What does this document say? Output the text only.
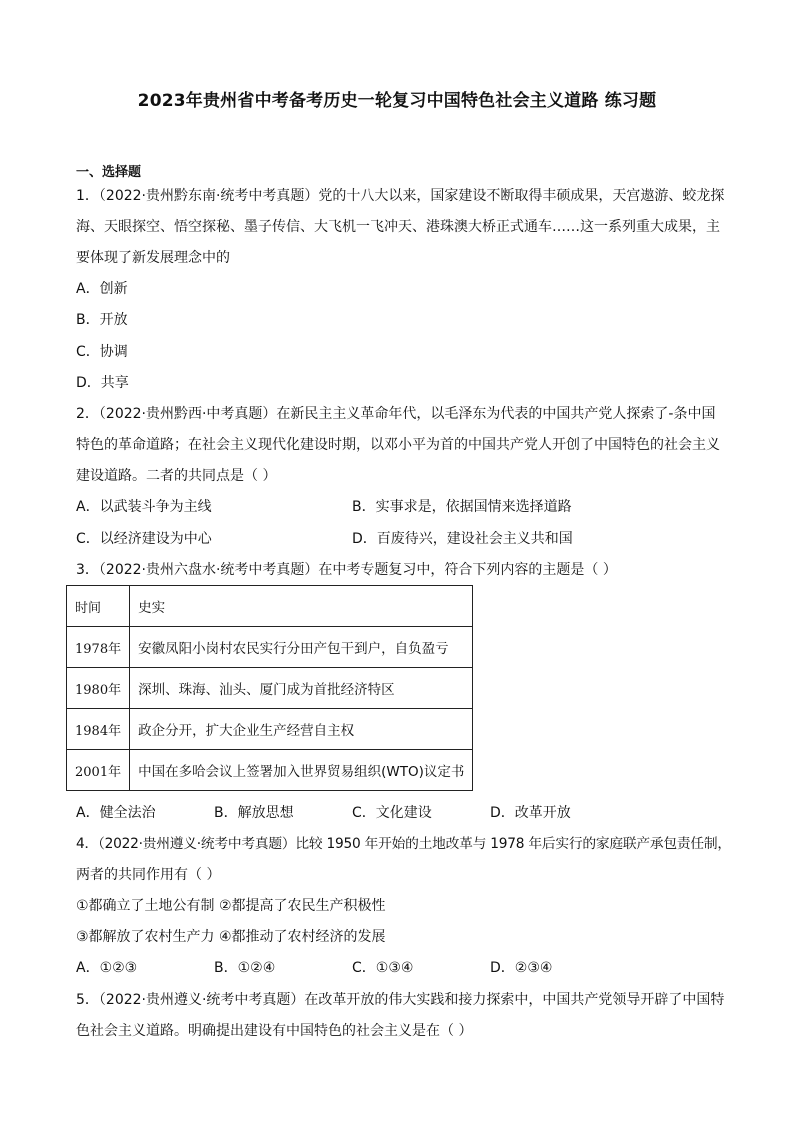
2023年贵州省中考备考历史一轮复习中国特色社会主义道路 练习题
一、选择题
1．（2022·贵州黔东南·统考中考真题）党的十八大以来，国家建设不断取得丰硕成果，天宫遨游、蛟龙探
海、天眼探空、悟空探秘、墨子传信、大飞机一飞冲天、港珠澳大桥正式通车……这一系列重大成果，主
要体现了新发展理念中的
A．创新
B．开放
C．协调
D．共享
2．（2022·贵州黔西·中考真题）在新民主主义革命年代，以毛泽东为代表的中国共产党人探索了-条中国
特色的革命道路；在社会主义现代化建设时期，以邓小平为首的中国共产党人开创了中国特色的社会主义
建设道路。二者的共同点是（ ）
A．以武装斗争为主线	B．实事求是，依据国情来选择道路
C．以经济建设为中心	D．百废待兴，建设社会主义共和国
3．（2022·贵州六盘水·统考中考真题）在中考专题复习中，符合下列内容的主题是（ ）
时间	史实
1978年	安徽凤阳小岗村农民实行分田产包干到户，自负盈亏
1980年	深圳、珠海、汕头、厦门成为首批经济特区
1984年	政企分开，扩大企业生产经营自主权
2001年	中国在多哈会议上签署加入世界贸易组织(WTO)议定书
A．健全法治	B．解放思想	C．文化建设	D．改革开放
4．（2022·贵州遵义·统考中考真题）比较 1950 年开始的土地改革与 1978 年后实行的家庭联产承包责任制，
两者的共同作用有（ ）
①都确立了土地公有制 ②都提高了农民生产积极性
③都解放了农村生产力 ④都推动了农村经济的发展
A．①②③	B．①②④	C．①③④	D．②③④
5．（2022·贵州遵义·统考中考真题）在改革开放的伟大实践和接力探索中，中国共产党领导开辟了中国特
色社会主义道路。明确提出建设有中国特色的社会主义是在（ ）
